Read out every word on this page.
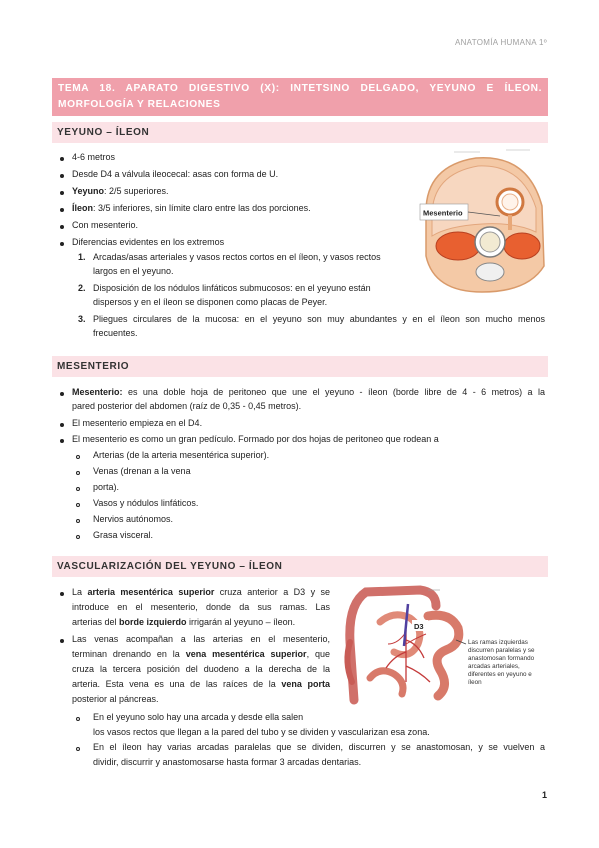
ANATOMÍA HUMANA 1º
TEMA 18. APARATO DIGESTIVO (X): INTETSINO DELGADO, YEYUNO E ÍLEON. MORFOLOGÍA Y RELACIONES
YEYUNO – ÍLEON
4-6 metros
Desde D4 a válvula ileocecal: asas con forma de U.
Yeyuno: 2/5 superiores.
Íleon: 3/5 inferiores, sin límite claro entre las dos porciones.
Con mesenterio.
Diferencias evidentes en los extremos
1. Arcadas/asas arteriales y vasos rectos cortos en el íleon, y vasos rectos
largos en el yeyuno.
2. Disposición de los nódulos linfáticos submucosos: en el yeyuno están
dispersos y en el íleon se disponen como placas de Peyer.
3. Pliegues circulares de la mucosa: en el yeyuno son muy abundantes y en el íleon son mucho menos
frecuentes.
Mesenterio
MESENTERIO
Mesenterio: es una doble hoja de peritoneo que une el yeyuno - íleon (borde libre de 4 - 6 metros) a la
pared posterior del abdomen (raíz de 0,35 - 0,45 metros).
El mesenterio empieza en el D4.
El mesenterio es como un gran pedículo. Formado por dos hojas de peritoneo que rodean a
Arterias (de la arteria mesentérica superior).
Venas (drenan a la vena
porta).
Vasos y nódulos linfáticos.
Nervios autónomos.
Grasa visceral.
VASCULARIZACIÓN DEL YEYUNO – ÍLEON
La arteria mesentérica superior cruza anterior a D3 y se
introduce en el mesenterio, donde da sus ramas. Las
arterias del borde izquierdo irrigarán al yeyuno – íleon.
Las venas acompañan a las arterias en el mesenterio,
terminan drenando en la vena mesentérica superior, que
cruza la tercera posición del duodeno a la derecha de la
arteria. Esta vena es una de las raíces de la vena porta
posterior al páncreas.
En el yeyuno solo hay una arcada y desde ella salen
los vasos rectos que llegan a la pared del tubo y se dividen y vascularizan esa zona.
En el íleon hay varias arcadas paralelas que se dividen, discurren y se anastomosan, y se vuelven a
dividir, discurrir y anastomosarse hasta formar 3 arcadas dentarias.
D3
Las ramas izquierdas discurren paralelas y se anastomosan formando arcadas arteriales, diferentes en yeyuno e íleon
1
